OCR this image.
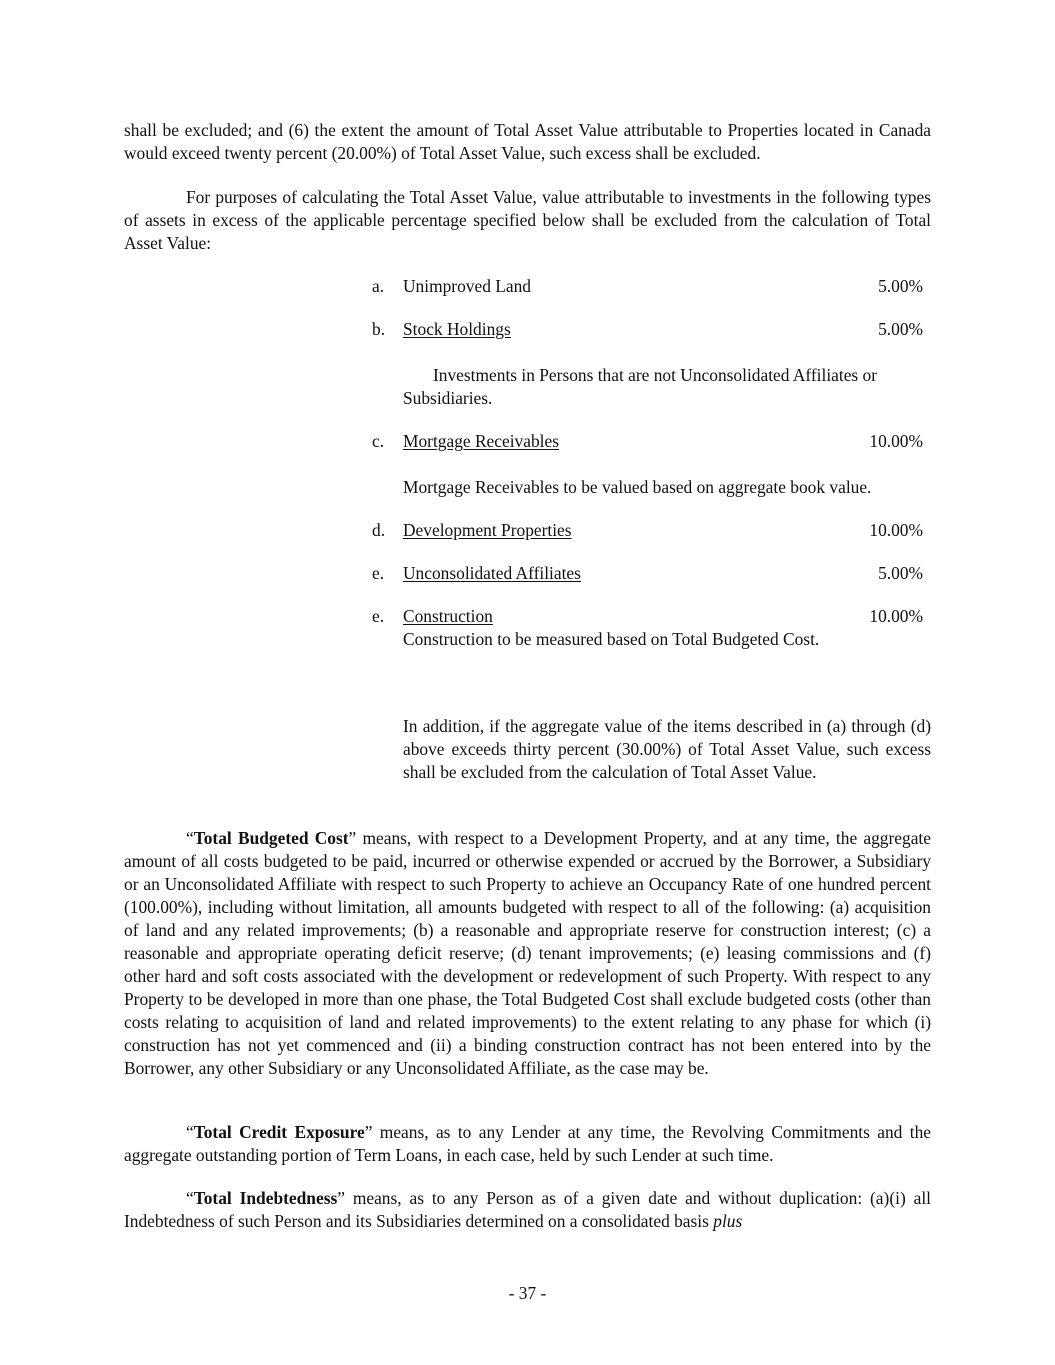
shall be excluded; and (6) the extent the amount of Total Asset Value attributable to Properties located in Canada would exceed twenty percent (20.00%) of Total Asset Value, such excess shall be excluded.

For purposes of calculating the Total Asset Value, value attributable to investments in the following types of assets in excess of the applicable percentage specified below shall be excluded from the calculation of Total Asset Value:

a. Unimproved Land	5.00%
b. Stock Holdings	5.00%

Investments in Persons that are not Unconsolidated Affiliates or Subsidiaries.

c. Mortgage Receivables	10.00%

Mortgage Receivables to be valued based on aggregate book value.

d. Development Properties	10.00%
e. Unconsolidated Affiliates	5.00%
e. Construction	10.00%

Construction to be measured based on Total Budgeted Cost.

In addition, if the aggregate value of the items described in (a) through (d) above exceeds thirty percent (30.00%) of Total Asset Value, such excess shall be excluded from the calculation of Total Asset Value.

“Total Budgeted Cost” means, with respect to a Development Property, and at any time, the aggregate amount of all costs budgeted to be paid, incurred or otherwise expended or accrued by the Borrower, a Subsidiary or an Unconsolidated Affiliate with respect to such Property to achieve an Occupancy Rate of one hundred percent (100.00%), including without limitation, all amounts budgeted with respect to all of the following: (a) acquisition of land and any related improvements; (b) a reasonable and appropriate reserve for construction interest; (c) a reasonable and appropriate operating deficit reserve; (d) tenant improvements; (e) leasing commissions and (f) other hard and soft costs associated with the development or redevelopment of such Property. With respect to any Property to be developed in more than one phase, the Total Budgeted Cost shall exclude budgeted costs (other than costs relating to acquisition of land and related improvements) to the extent relating to any phase for which (i) construction has not yet commenced and (ii) a binding construction contract has not been entered into by the Borrower, any other Subsidiary or any Unconsolidated Affiliate, as the case may be.

“Total Credit Exposure” means, as to any Lender at any time, the Revolving Commitments and the aggregate outstanding portion of Term Loans, in each case, held by such Lender at such time.

“Total Indebtedness” means, as to any Person as of a given date and without duplication: (a)(i) all Indebtedness of such Person and its Subsidiaries determined on a consolidated basis plus

- 37 -
